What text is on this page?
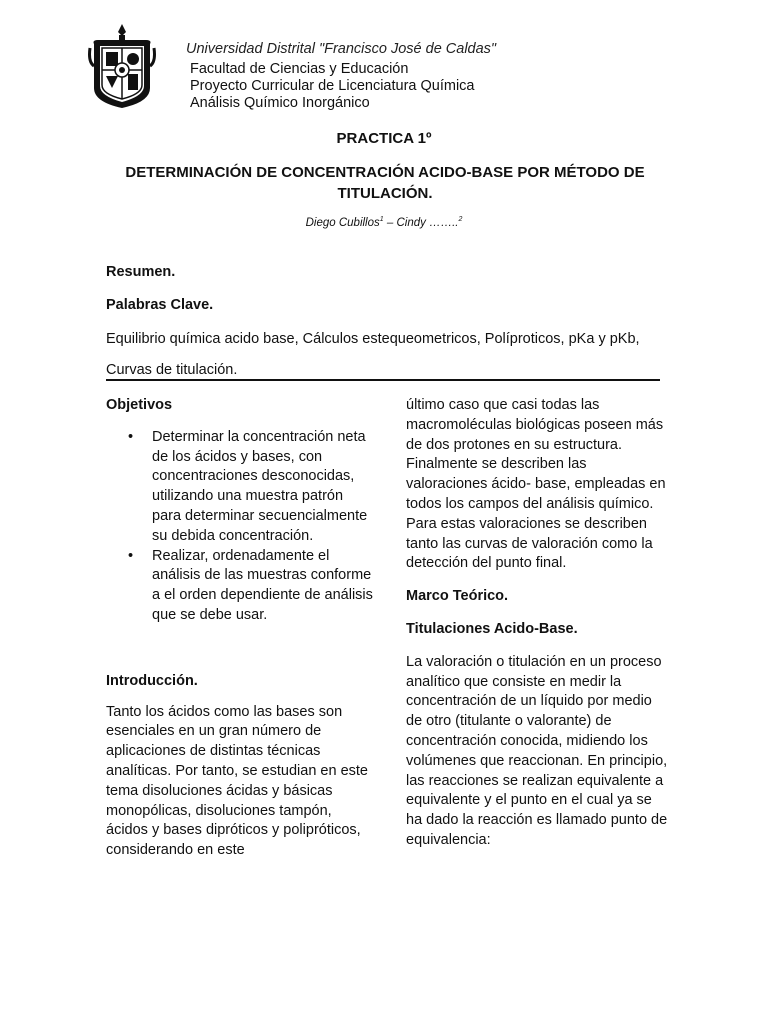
Universidad Distrital "Francisco José de Caldas"
Facultad de Ciencias y Educación
Proyecto Curricular de Licenciatura Química
Análisis Químico Inorgánico
PRACTICA 1º
DETERMINACIÓN DE CONCENTRACIÓN ACIDO-BASE POR MÉTODO DE TITULACIÓN.
Diego Cubillos$^1$ – Cindy ……..$^2$
Resumen.
Palabras Clave.
Equilibrio química acido base, Cálculos estequeometricos, Políproticos, pKa y pKb,
Curvas de titulación.

Objetivos

• Determinar la concentración neta de los ácidos y bases, con concentraciones desconocidas, utilizando una muestra patrón para determinar secuencialmente su debida concentración.
• Realizar, ordenadamente el análisis de las muestras conforme a el orden dependiente de análisis que se debe usar.

Introducción.

Tanto los ácidos como las bases son esenciales en un gran número de aplicaciones de distintas técnicas analíticas. Por tanto, se estudian en este tema disoluciones ácidas y básicas monopólicas, disoluciones tampón, ácidos y bases dipróticos y polipróticos, considerando en este

último caso que casi todas las macromoléculas biológicas poseen más de dos protones en su estructura. Finalmente se describen las valoraciones ácido- base, empleadas en todos los campos del análisis químico. Para estas valoraciones se describen tanto las curvas de valoración como la detección del punto final.

Marco Teórico.

Titulaciones Acido-Base.

La valoración o titulación en un proceso analítico que consiste en medir la concentración de un líquido por medio de otro (titulante o valorante) de concentración conocida, midiendo los volúmenes que reaccionan. En principio, las reacciones se realizan equivalente a equivalente y el punto en el cual ya se ha dado la reacción es llamado punto de equivalencia:
